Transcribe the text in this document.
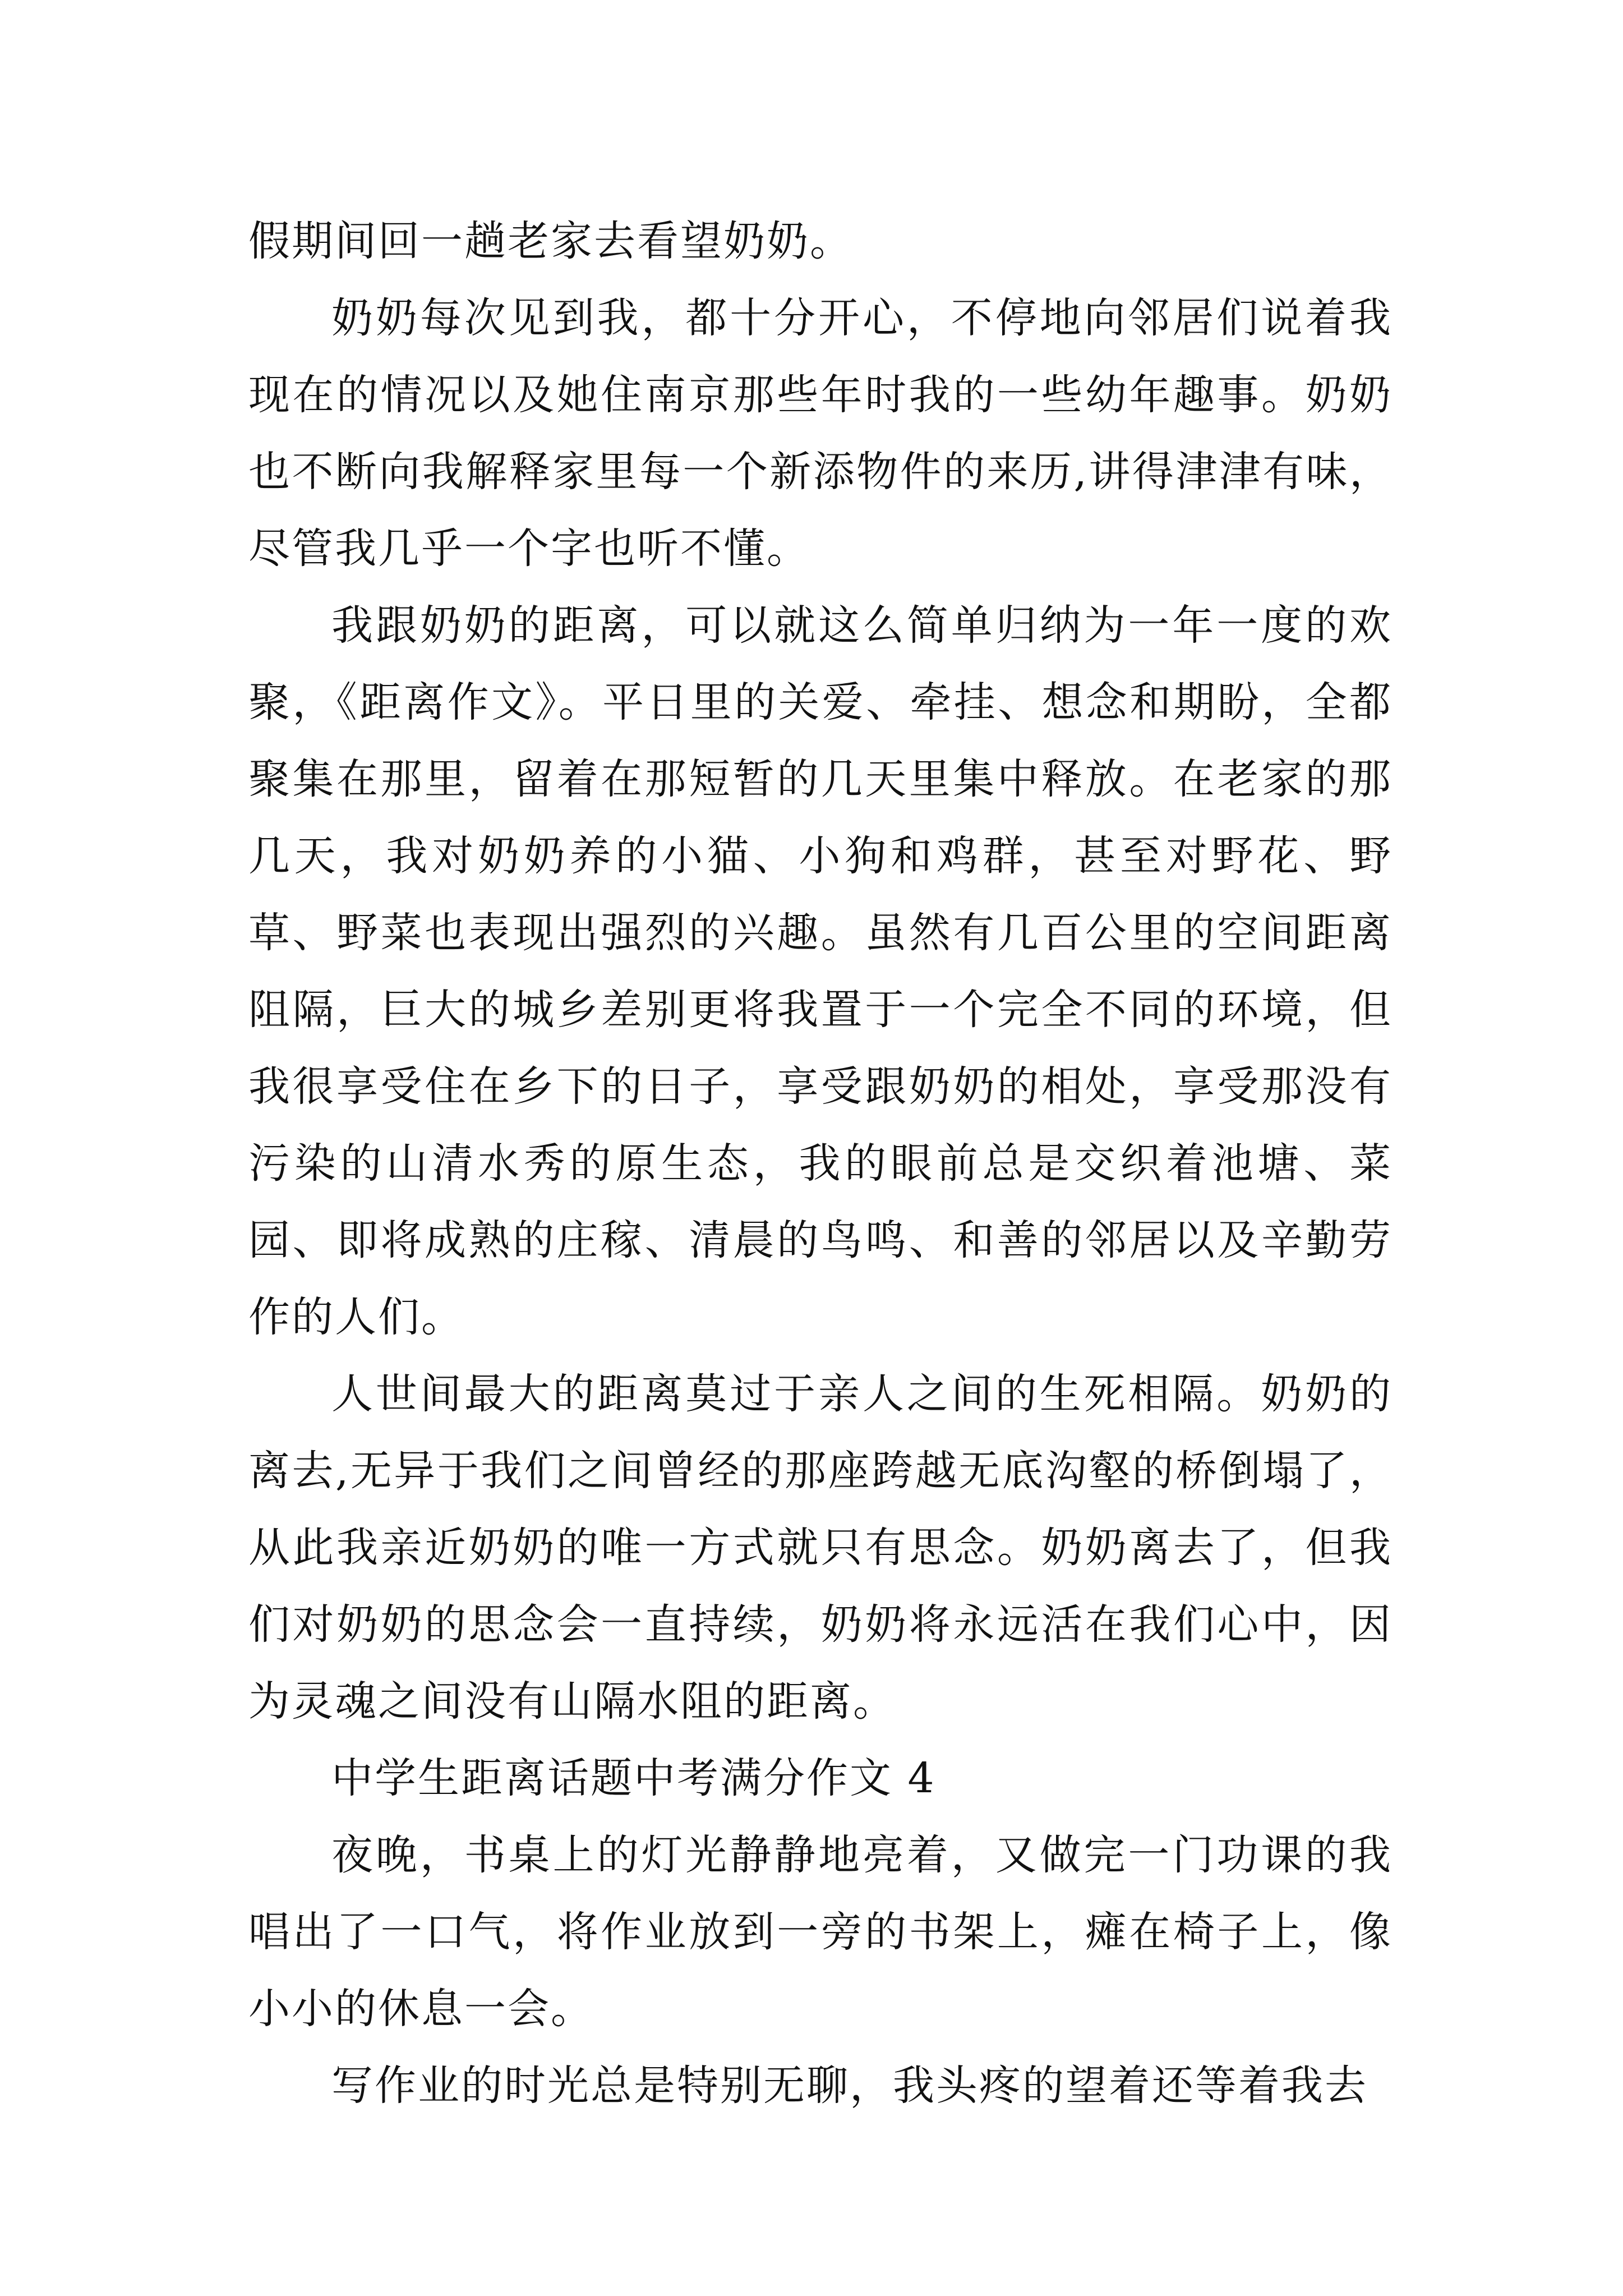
假期间回一趟老家去看望奶奶。

奶奶每次见到我，都十分开心，不停地向邻居们说着我现在的情况以及她住南京那些年时我的一些幼年趣事。奶奶也不断向我解释家里每一个新添物件的来历,讲得津津有味，尽管我几乎一个字也听不懂。

我跟奶奶的距离，可以就这么简单归纳为一年一度的欢聚，《距离作文》。平日里的关爱、牵挂、想念和期盼，全都聚集在那里，留着在那短暂的几天里集中释放。在老家的那几天，我对奶奶养的小猫、小狗和鸡群，甚至对野花、野草、野菜也表现出强烈的兴趣。虽然有几百公里的空间距离阻隔，巨大的城乡差别更将我置于一个完全不同的环境，但我很享受住在乡下的日子，享受跟奶奶的相处，享受那没有污染的山清水秀的原生态，我的眼前总是交织着池塘、菜园、即将成熟的庄稼、清晨的鸟鸣、和善的邻居以及辛勤劳作的人们。

人世间最大的距离莫过于亲人之间的生死相隔。奶奶的离去,无异于我们之间曾经的那座跨越无底沟壑的桥倒塌了，从此我亲近奶奶的唯一方式就只有思念。奶奶离去了，但我们对奶奶的思念会一直持续，奶奶将永远活在我们心中，因为灵魂之间没有山隔水阻的距离。

中学生距离话题中考满分作文 4

夜晚，书桌上的灯光静静地亮着，又做完一门功课的我唱出了一口气，将作业放到一旁的书架上，瘫在椅子上，像小小的休息一会。

写作业的时光总是特别无聊，我头疼的望着还等着我去
